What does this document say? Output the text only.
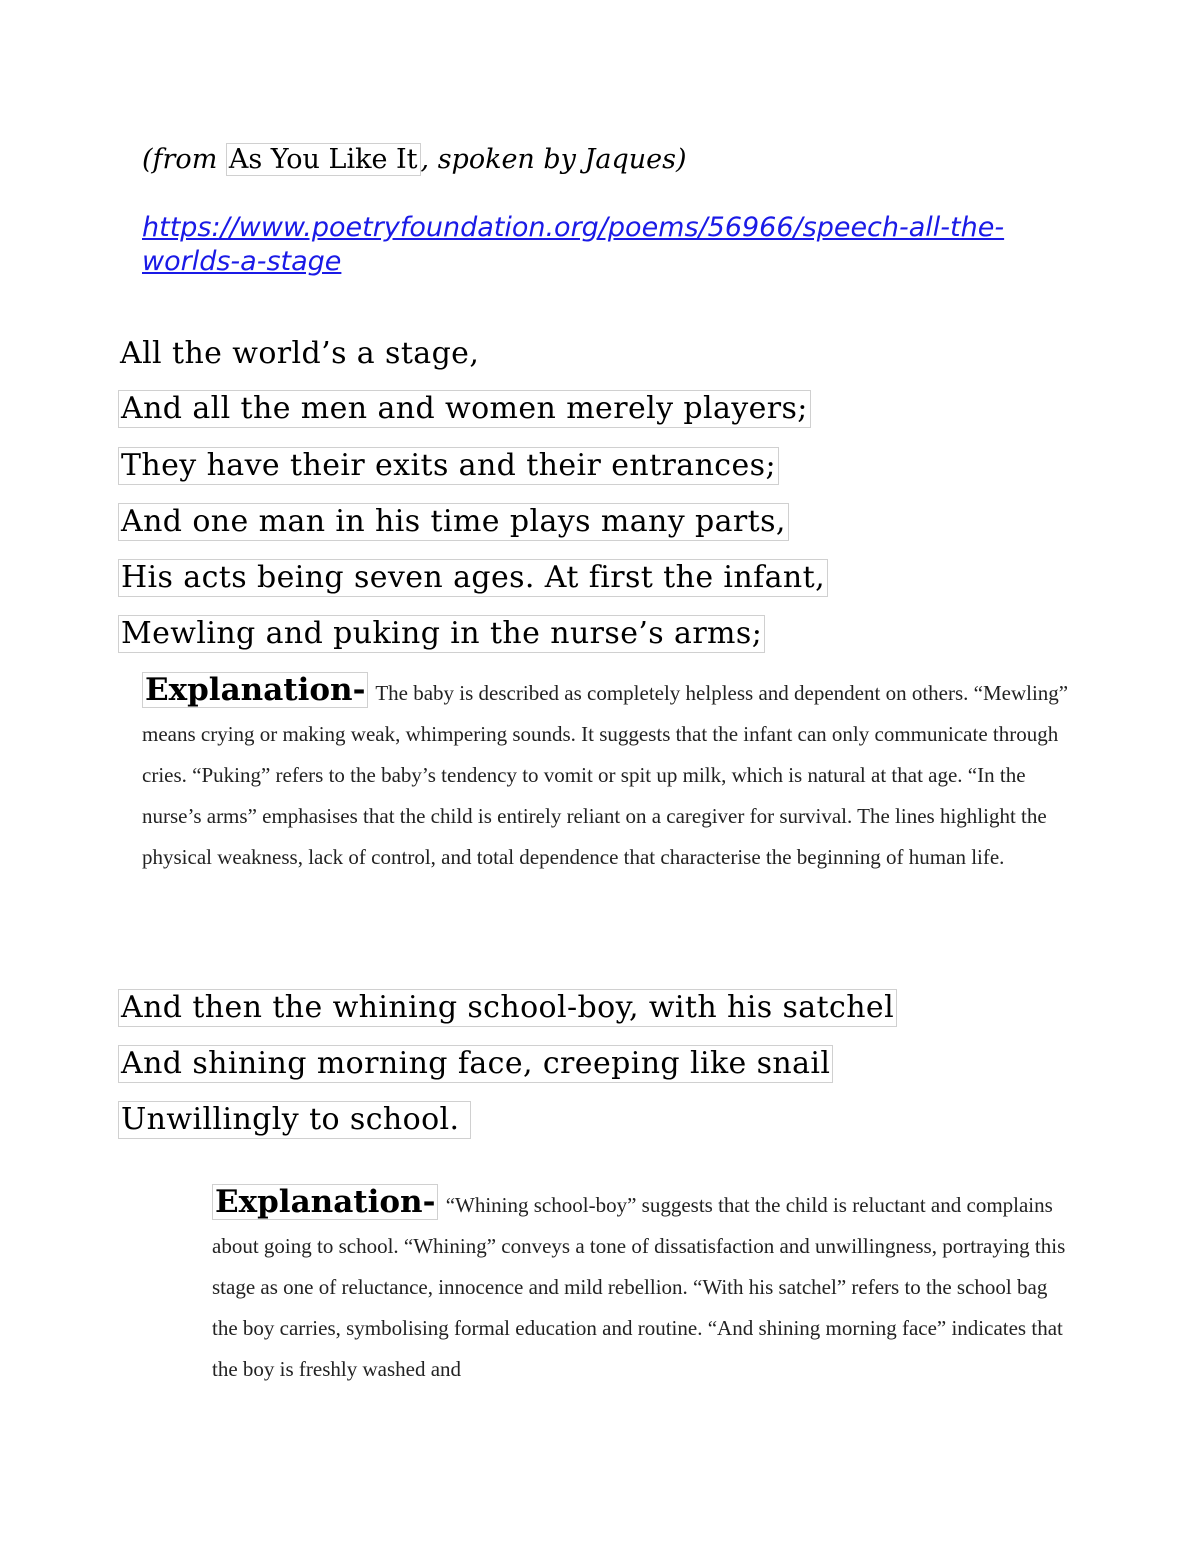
(from As You Like It , spoken by Jaques)
https://www.poetryfoundation.org/poems/56966/speech-all-the-worlds-a-stage
All the world’s a stage,
And all the men and women merely players;
They have their exits and their entrances;
And one man in his time plays many parts,
His acts being seven ages. At first the infant,
Mewling and puking in the nurse’s arms;
Explanation- The baby is described as completely helpless and dependent on others. “Mewling” means crying or making weak, whimpering sounds. It suggests that the infant can only communicate through cries. “Puking” refers to the baby’s tendency to vomit or spit up milk, which is natural at that age. “In the nurse’s arms” emphasises that the child is entirely reliant on a caregiver for survival. The lines highlight the physical weakness, lack of control, and total dependence that characterise the beginning of human life.
And then the whining school-boy, with his satchel
And shining morning face, creeping like snail
Unwillingly to school.
Explanation- “Whining school-boy” suggests that the child is reluctant and complains about going to school. “Whining” conveys a tone of dissatisfaction and unwillingness, portraying this stage as one of reluctance, innocence and mild rebellion. “With his satchel” refers to the school bag the boy carries, symbolising formal education and routine. “And shining morning face” indicates that the boy is freshly washed and
